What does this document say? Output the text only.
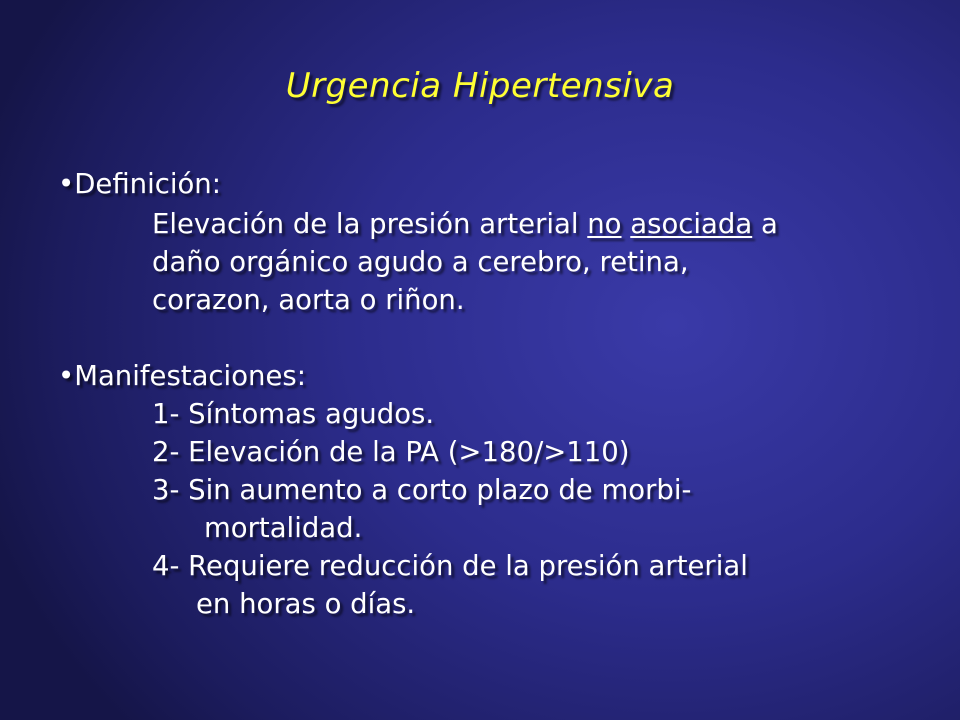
Urgencia Hipertensiva
•Definición:
Elevación de la presión arterial no asociada a
daño orgánico agudo a cerebro, retina,
corazon, aorta o riñon.
•Manifestaciones:
1- Síntomas agudos.
2- Elevación de la PA (>180/>110)
3- Sin aumento a corto plazo de morbi-
mortalidad.
4- Requiere reducción de la presión arterial
en horas o días.
